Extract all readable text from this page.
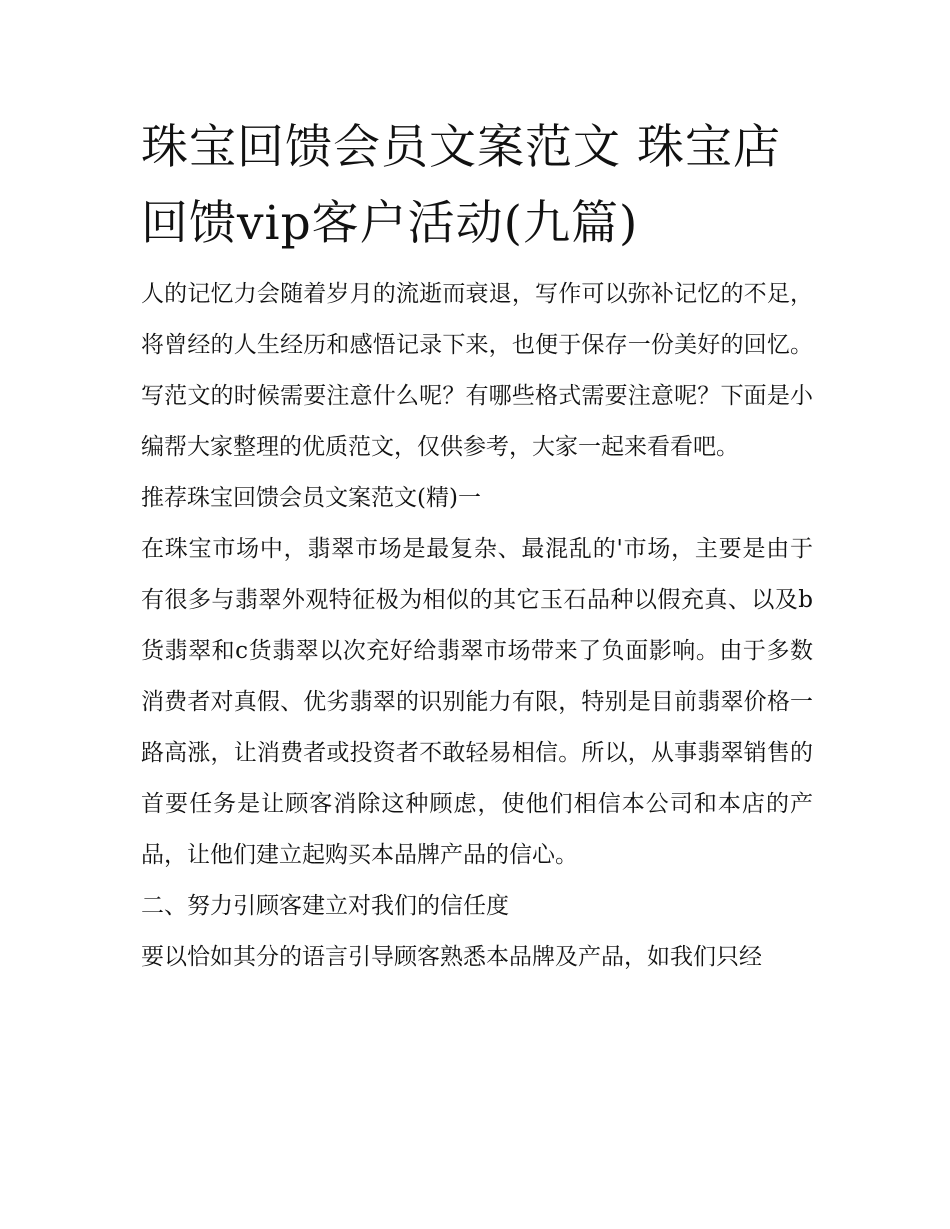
珠宝回馈会员文案范文 珠宝店回馈vip客户活动(九篇)

人的记忆力会随着岁月的流逝而衰退，写作可以弥补记忆的不足，将曾经的人生经历和感悟记录下来，也便于保存一份美好的回忆。写范文的时候需要注意什么呢？有哪些格式需要注意呢？下面是小编帮大家整理的优质范文，仅供参考，大家一起来看看吧。

推荐珠宝回馈会员文案范文(精)一

在珠宝市场中，翡翠市场是最复杂、最混乱的'市场，主要是由于有很多与翡翠外观特征极为相似的其它玉石品种以假充真、以及b货翡翠和c货翡翠以次充好给翡翠市场带来了负面影响。由于多数消费者对真假、优劣翡翠的识别能力有限，特别是目前翡翠价格一路高涨，让消费者或投资者不敢轻易相信。所以，从事翡翠销售的首要任务是让顾客消除这种顾虑，使他们相信本公司和本店的产品，让他们建立起购买本品牌产品的信心。

二、努力引顾客建立对我们的信任度

要以恰如其分的语言引导顾客熟悉本品牌及产品，如我们只经
